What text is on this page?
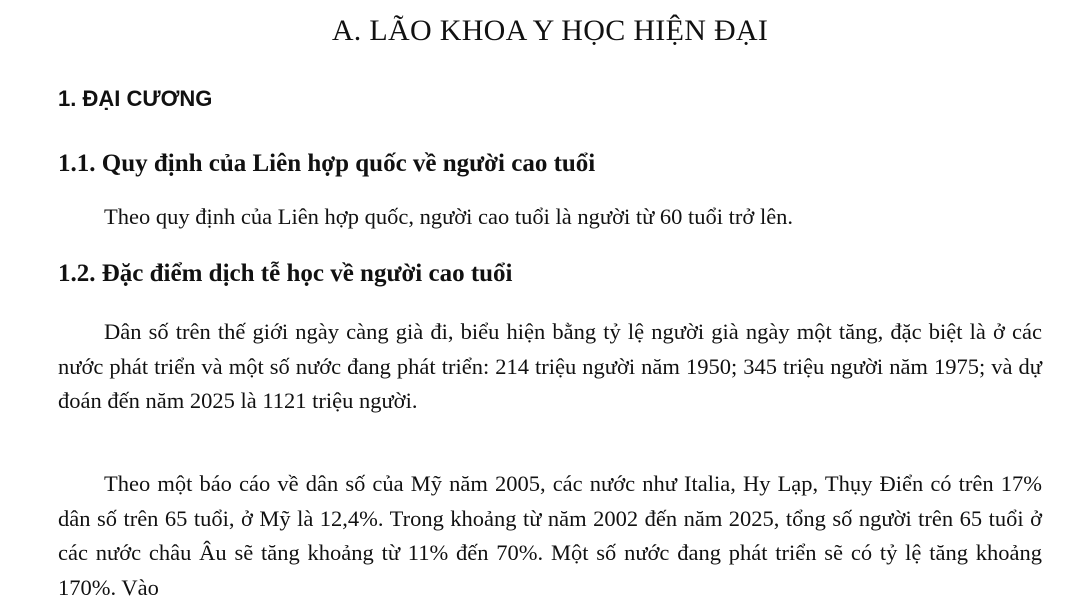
A. LÃO KHOA Y HỌC HIỆN ĐẠI
1. ĐẠI CƯƠNG
1.1. Quy định của Liên hợp quốc về người cao tuổi

Theo quy định của Liên hợp quốc, người cao tuổi là người từ 60 tuổi trở lên.

1.2. Đặc điểm dịch tễ học về người cao tuổi

Dân số trên thế giới ngày càng già đi, biểu hiện bằng tỷ lệ người già ngày một tăng, đặc biệt là ở các nước phát triển và một số nước đang phát triển: 214 triệu người năm 1950; 345 triệu người năm 1975; và dự đoán đến năm 2025 là 1121 triệu người.

Theo một báo cáo về dân số của Mỹ năm 2005, các nước như Italia, Hy Lạp, Thụy Điển có trên 17% dân số trên 65 tuổi, ở Mỹ là 12,4%. Trong khoảng từ năm 2002 đến năm 2025, tổng số người trên 65 tuổi ở các nước châu Âu sẽ tăng khoảng từ 11% đến 70%. Một số nước đang phát triển sẽ có tỷ lệ tăng khoảng 170%. Vào
